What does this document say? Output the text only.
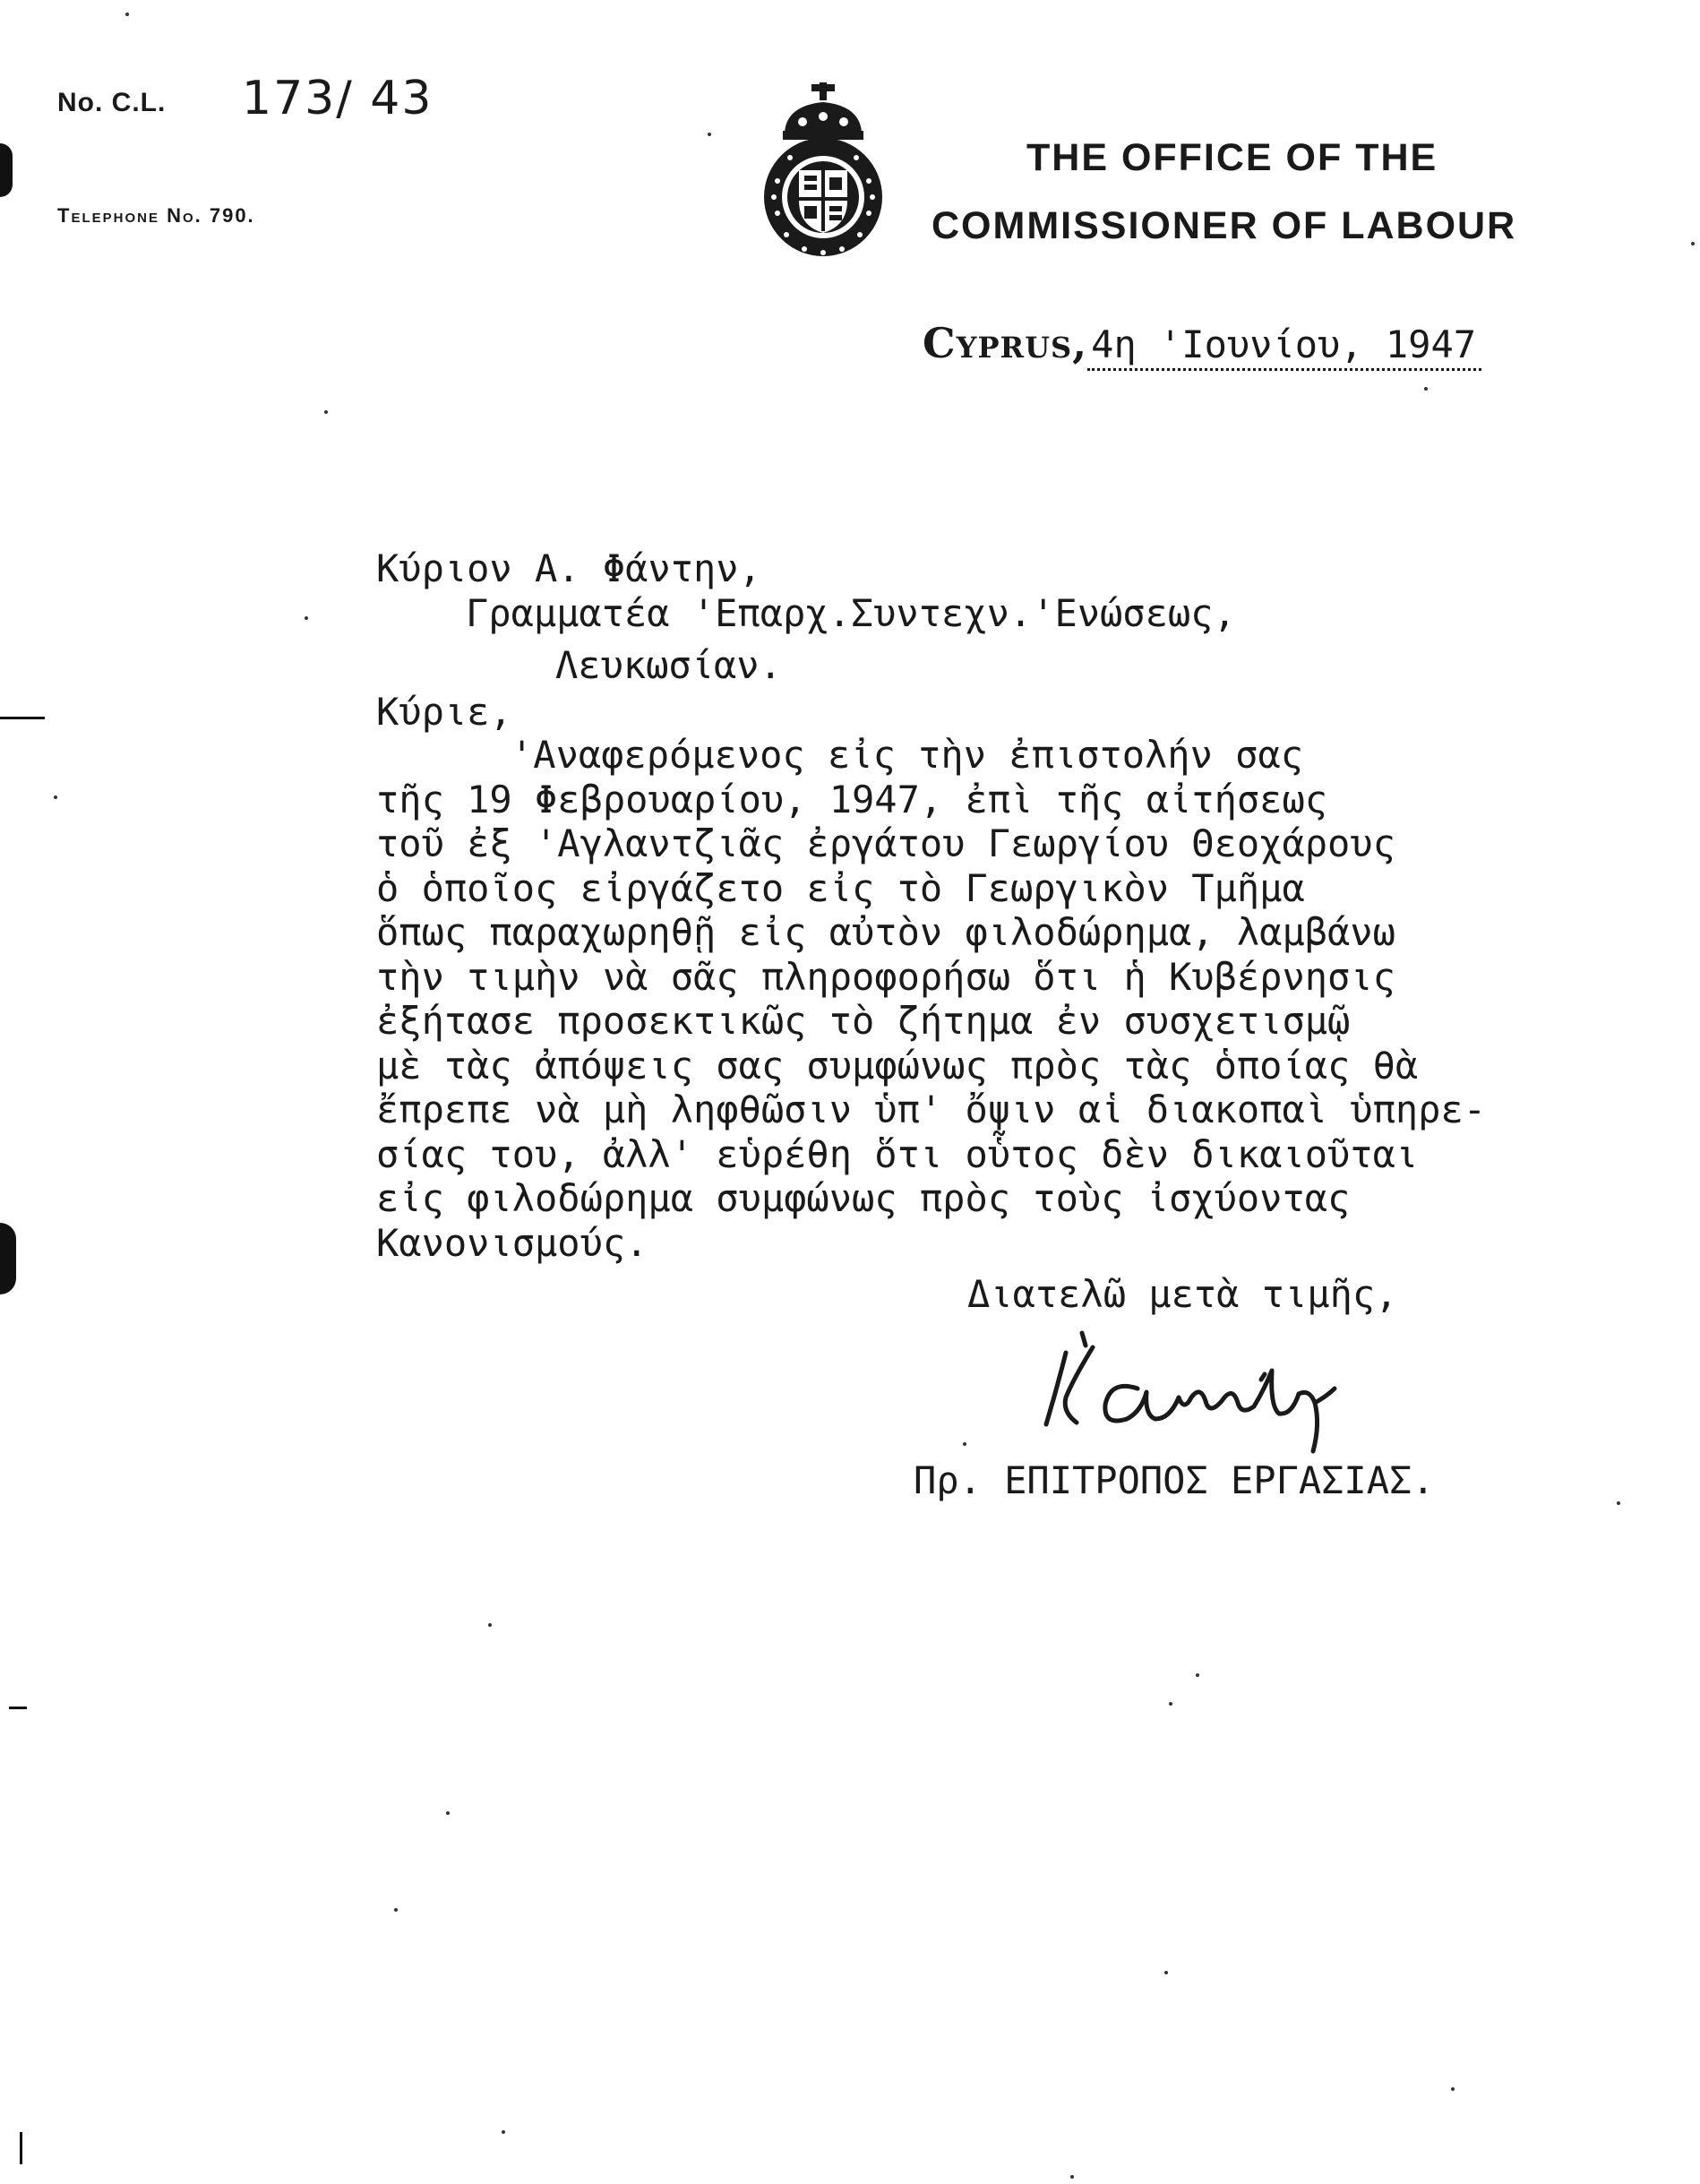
No. C.L. 173/ 43
Telephone No. 790.
THE OFFICE OF THE
COMMISSIONER OF LABOUR
Cyprus,4η 'Ιουνίου, 1947
Κύριον Α. Φάντην,
Γραμματέα 'Επαρχ.Συντεχν.'Ενώσεως,
Λευκωσίαν.
Κύριε,
'Αναφερόμενος εἰς τὴν ἐπιστολήν σας
τῆς 19 Φεβρουαρίου, 1947, ἐπὶ τῆς αἰτήσεως
τοῦ ἐξ 'Αγλαντζιᾶς ἐργάτου Γεωργίου Θεοχάρους
ὁ ὁποῖος εἰργάζετο εἰς τὸ Γεωργικὸν Τμῆμα
ὅπως παραχωρηθῇ εἰς αὐτὸν φιλοδώρημα, λαμβάνω
τὴν τιμὴν νὰ σᾶς πληροφορήσω ὅτι ἡ Κυβέρνησις
ἐξήτασε προσεκτικῶς τὸ ζήτημα ἐν συσχετισμῷ
μὲ τὰς ἀπόψεις σας συμφώνως πρὸς τὰς ὁποίας θὰ
ἔπρεπε νὰ μὴ ληφθῶσιν ὑπ' ὄψιν αἱ διακοπαὶ ὑπηρε-
σίας του, ἀλλ' εὑρέθη ὅτι οὗτος δὲν δικαιοῦται
εἰς φιλοδώρημα συμφώνως πρὸς τοὺς ἰσχύοντας
Κανονισμούς.
Διατελῶ μετὰ τιμῆς,
Πρ. ΕΠΙΤΡΟΠΟΣ ΕΡΓΑΣΙΑΣ.
